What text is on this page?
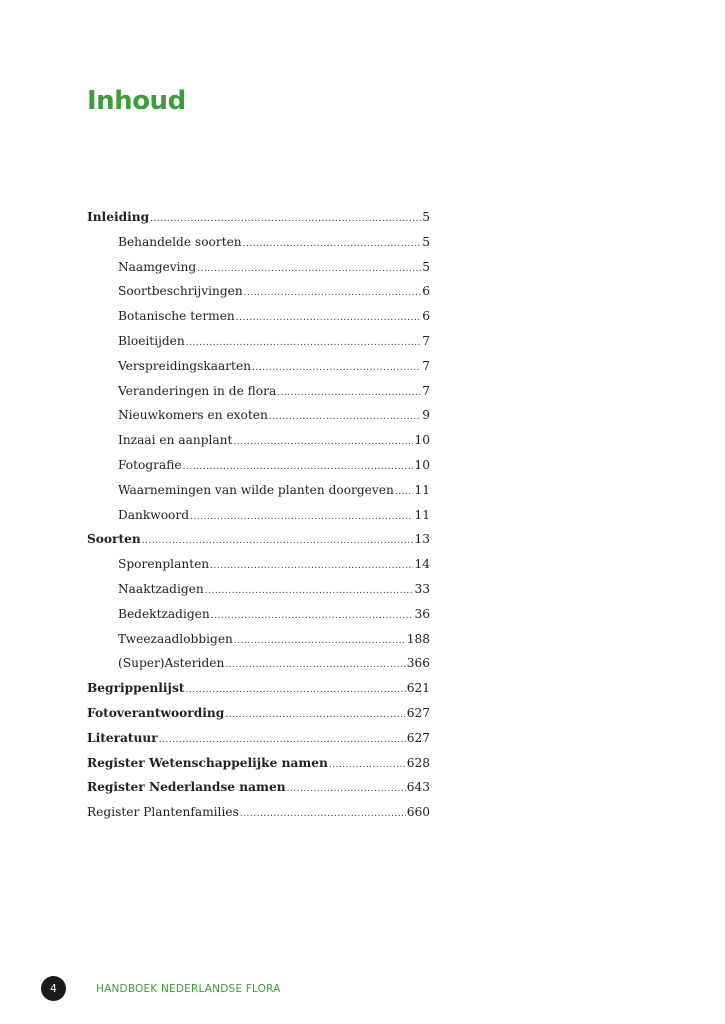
Inhoud
Inleiding .....	5
Behandelde soorten .....	5
Naamgeving .....	5
Soortbeschrijvingen .....	6
Botanische termen .....	6
Bloeitijden .....	7
Verspreidingskaarten .....	7
Veranderingen in de flora .....	7
Nieuwkomers en exoten .....	9
Inzaai en aanplant .....	10
Fotografie .....	10
Waarnemingen van wilde planten doorgeven ..... 11
Dankwoord .....	11
Soorten .....	13
Sporenplanten .....	14
Naaktzadigen .....	33
Bedektzadigen .....	36
Tweezaadlobbigen .....	188
(Super)Asteriden .....	366
Begrippenlijst .....	621
Fotoverantwoording .....	627
Literatuur .....	627
Register Wetenschappelijke namen .....	628
Register Nederlandse namen .....	643
Register Plantenfamilies .....	660
4	HANDBOEK NEDERLANDSE FLORA
